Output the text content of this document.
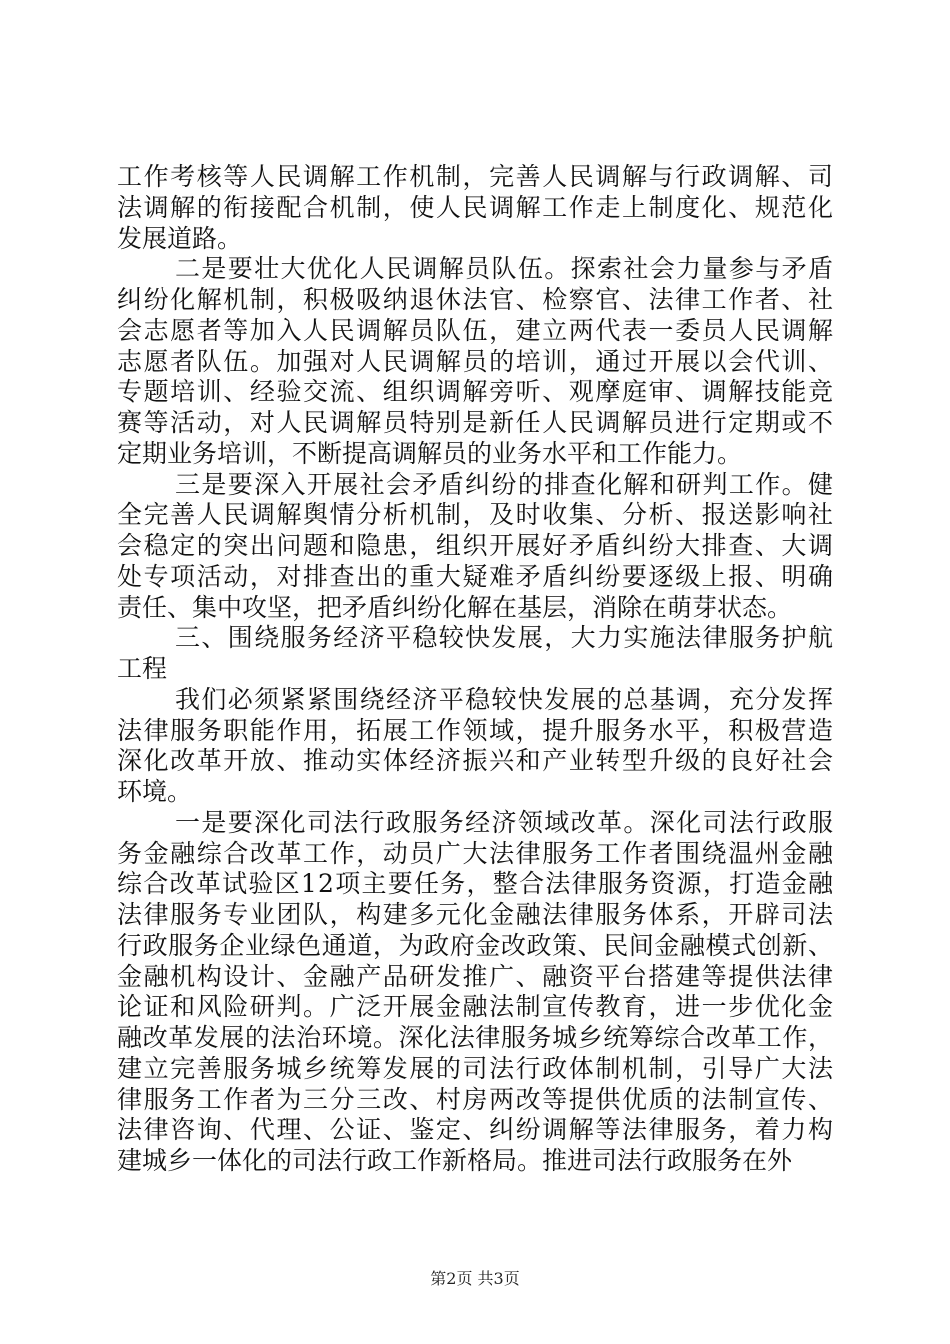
工作考核等人民调解工作机制，完善人民调解与行政调解、司
法调解的衔接配合机制，使人民调解工作走上制度化、规范化
发展道路。
二是要壮大优化人民调解员队伍。探索社会力量参与矛盾
纠纷化解机制，积极吸纳退休法官、检察官、法律工作者、社
会志愿者等加入人民调解员队伍，建立两代表一委员人民调解
志愿者队伍。加强对人民调解员的培训，通过开展以会代训、
专题培训、经验交流、组织调解旁听、观摩庭审、调解技能竞
赛等活动，对人民调解员特别是新任人民调解员进行定期或不
定期业务培训，不断提高调解员的业务水平和工作能力。
三是要深入开展社会矛盾纠纷的排查化解和研判工作。健
全完善人民调解舆情分析机制，及时收集、分析、报送影响社
会稳定的突出问题和隐患，组织开展好矛盾纠纷大排查、大调
处专项活动，对排查出的重大疑难矛盾纠纷要逐级上报、明确
责任、集中攻坚，把矛盾纠纷化解在基层，消除在萌芽状态。
三、围绕服务经济平稳较快发展，大力实施法律服务护航
工程
我们必须紧紧围绕经济平稳较快发展的总基调，充分发挥
法律服务职能作用，拓展工作领域，提升服务水平，积极营造
深化改革开放、推动实体经济振兴和产业转型升级的良好社会
环境。
一是要深化司法行政服务经济领域改革。深化司法行政服
务金融综合改革工作，动员广大法律服务工作者围绕温州金融
综合改革试验区12项主要任务，整合法律服务资源，打造金融
法律服务专业团队，构建多元化金融法律服务体系，开辟司法
行政服务企业绿色通道，为政府金改政策、民间金融模式创新、
金融机构设计、金融产品研发推广、融资平台搭建等提供法律
论证和风险研判。广泛开展金融法制宣传教育，进一步优化金
融改革发展的法治环境。深化法律服务城乡统筹综合改革工作，
建立完善服务城乡统筹发展的司法行政体制机制，引导广大法
律服务工作者为三分三改、村房两改等提供优质的法制宣传、
法律咨询、代理、公证、鉴定、纠纷调解等法律服务，着力构
建城乡一体化的司法行政工作新格局。推进司法行政服务在外
第2页 共3页
